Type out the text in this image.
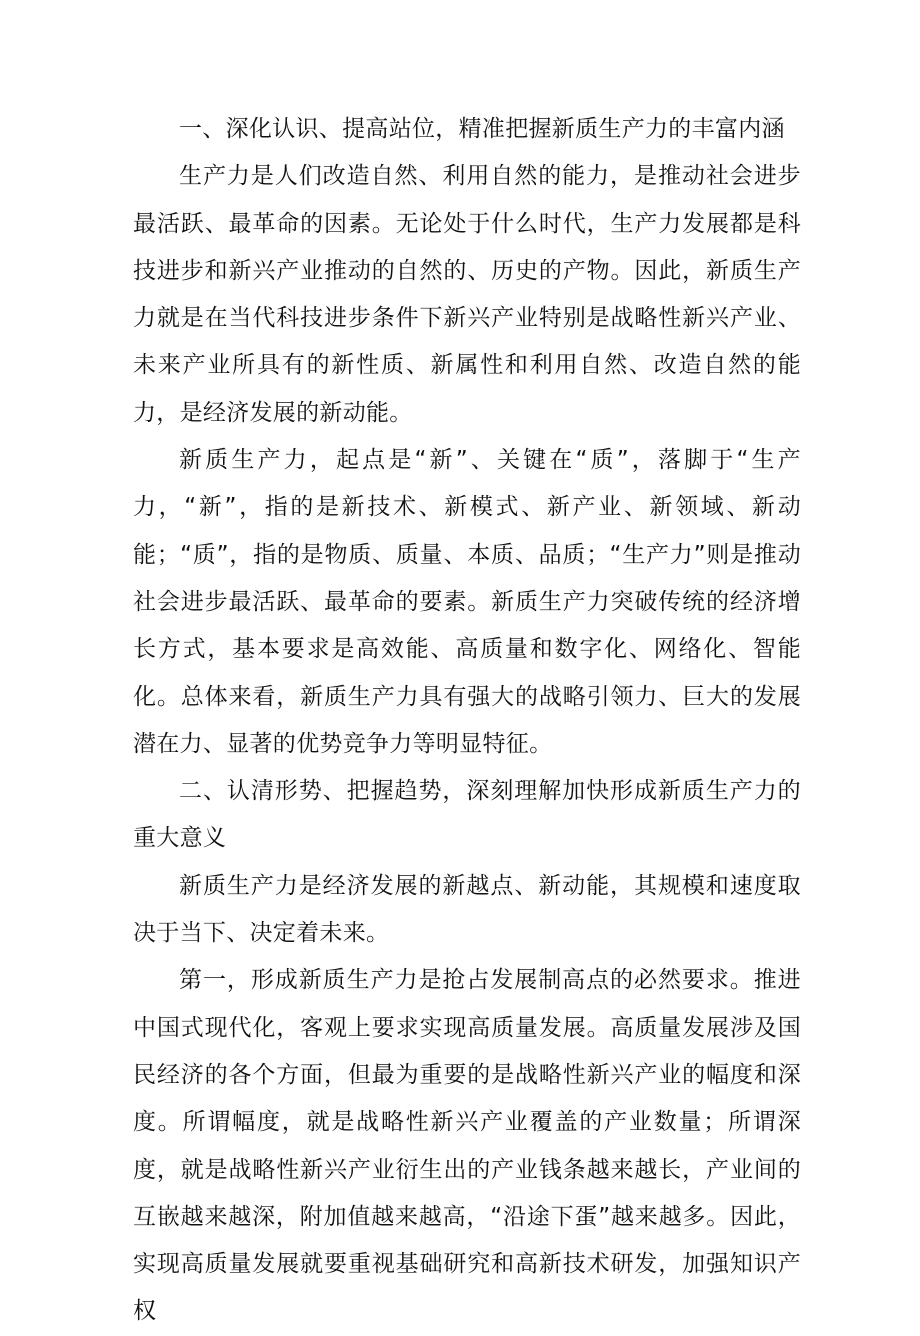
一、深化认识、提高站位，精准把握新质生产力的丰富内涵

生产力是人们改造自然、利用自然的能力，是推动社会进步最活跃、最革命的因素。无论处于什么时代，生产力发展都是科技进步和新兴产业推动的自然的、历史的产物。因此，新质生产力就是在当代科技进步条件下新兴产业特别是战略性新兴产业、未来产业所具有的新性质、新属性和利用自然、改造自然的能力，是经济发展的新动能。

新质生产力，起点是“新”、关键在“质”，落脚于“生产力，“新”，指的是新技术、新模式、新产业、新领域、新动能；“质”，指的是物质、质量、本质、品质；“生产力”则是推动社会进步最活跃、最革命的要素。新质生产力突破传统的经济增长方式，基本要求是高效能、高质量和数字化、网络化、智能化。总体来看，新质生产力具有强大的战略引领力、巨大的发展潜在力、显著的优势竞争力等明显特征。

二、认清形势、把握趋势，深刻理解加快形成新质生产力的重大意义

新质生产力是经济发展的新越点、新动能，其规模和速度取决于当下、决定着未来。

第一，形成新质生产力是抢占发展制高点的必然要求。推进中国式现代化，客观上要求实现高质量发展。高质量发展涉及国民经济的各个方面，但最为重要的是战略性新兴产业的幅度和深度。所谓幅度，就是战略性新兴产业覆盖的产业数量；所谓深度，就是战略性新兴产业衍生出的产业钱条越来越长，产业间的互嵌越来越深，附加值越来越高，“沿途下蛋”越来越多。因此，实现高质量发展就要重视基础研究和高新技术研发，加强知识产权
